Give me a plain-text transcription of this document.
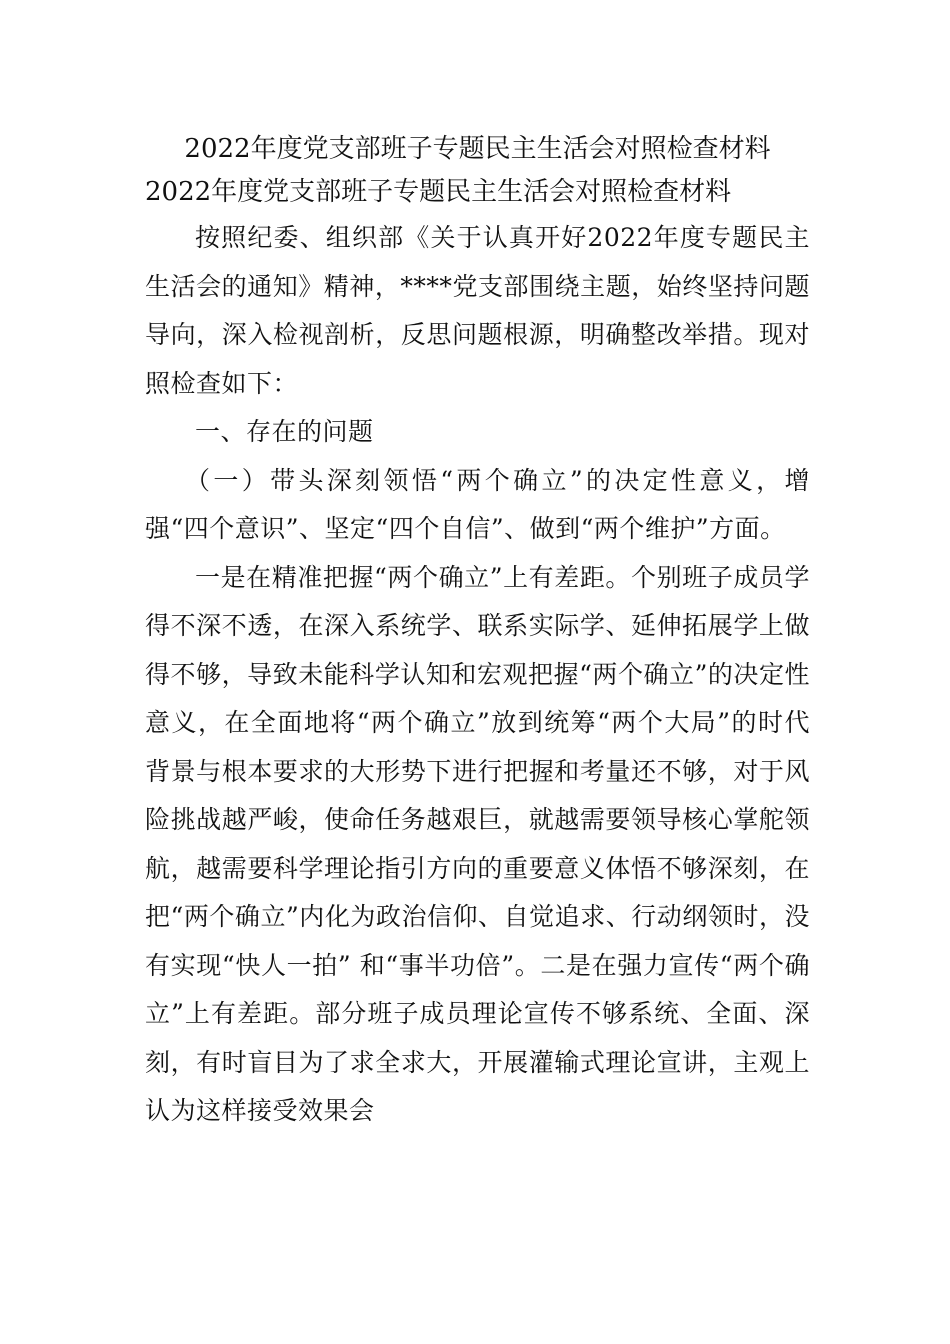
2022年度党支部班子专题民主生活会对照检查材料

2022年度党支部班子专题民主生活会对照检查材料

按照纪委、组织部《关于认真开好2022年度专题民主生活会的通知》精神，****党支部围绕主题，始终坚持问题导向，深入检视剖析，反思问题根源，明确整改举措。现对照检查如下：

一、存在的问题

（一）带头深刻领悟“两个确立”的决定性意义，增强“四个意识”、坚定“四个自信”、做到“两个维护”方面。

一是在精准把握“两个确立”上有差距。个别班子成员学得不深不透，在深入系统学、联系实际学、延伸拓展学上做得不够，导致未能科学认知和宏观把握“两个确立”的决定性意义，在全面地将“两个确立”放到统筹“两个大局”的时代背景与根本要求的大形势下进行把握和考量还不够，对于风险挑战越严峻，使命任务越艰巨，就越需要领导核心掌舵领航，越需要科学理论指引方向的重要意义体悟不够深刻，在把“两个确立”内化为政治信仰、自觉追求、行动纲领时，没有实现“快人一拍” 和“事半功倍”。二是在强力宣传“两个确立”上有差距。部分班子成员理论宣传不够系统、全面、深刻，有时盲目为了求全求大，开展灌输式理论宣讲，主观上认为这样接受效果会
